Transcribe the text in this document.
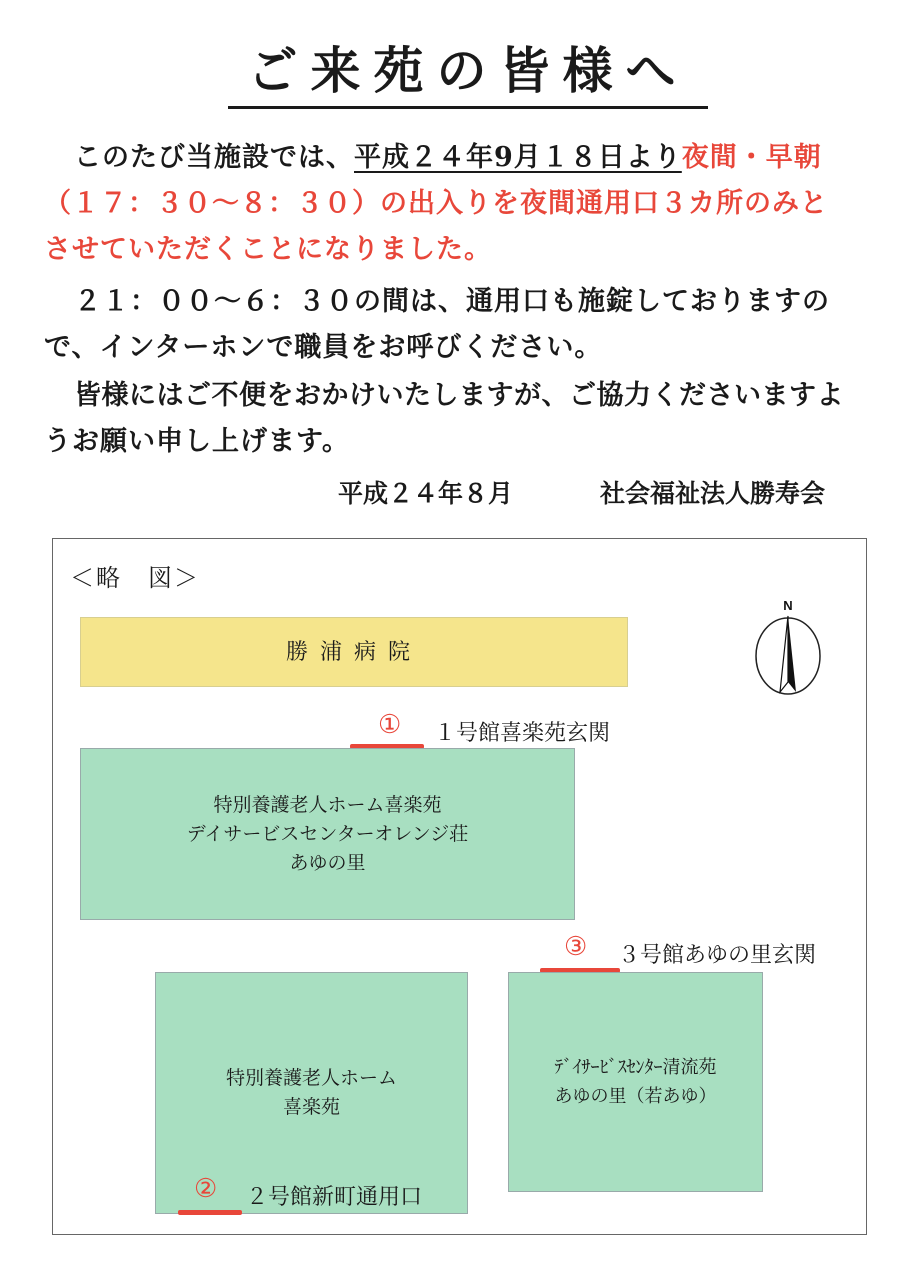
ご来苑の皆様へ
このたび当施設では、平成２４年9月１８日より夜間・早朝
（１７：３０～８：３０）の出入りを夜間通用口３カ所のみと
させていただくことになりました。
２１：００～６：３０の間は、通用口も施錠しておりますの
で、インターホンで職員をお呼びください。
皆様にはご不便をおかけいたしますが、ご協力くださいますよ
うお願い申し上げます。
平成２４年８月	社会福祉法人勝寿会
＜略　図＞
勝浦病院
N
① １号館喜楽苑玄関
特別養護老人ホーム喜楽苑
デイサービスセンターオレンジ荘
あゆの里
③ ３号館あゆの里玄関
特別養護老人ホーム
喜楽苑
ﾃﾞｲｻｰﾋﾞｽｾﾝﾀｰ清流苑
あゆの里（若あゆ）
② ２号館新町通用口
